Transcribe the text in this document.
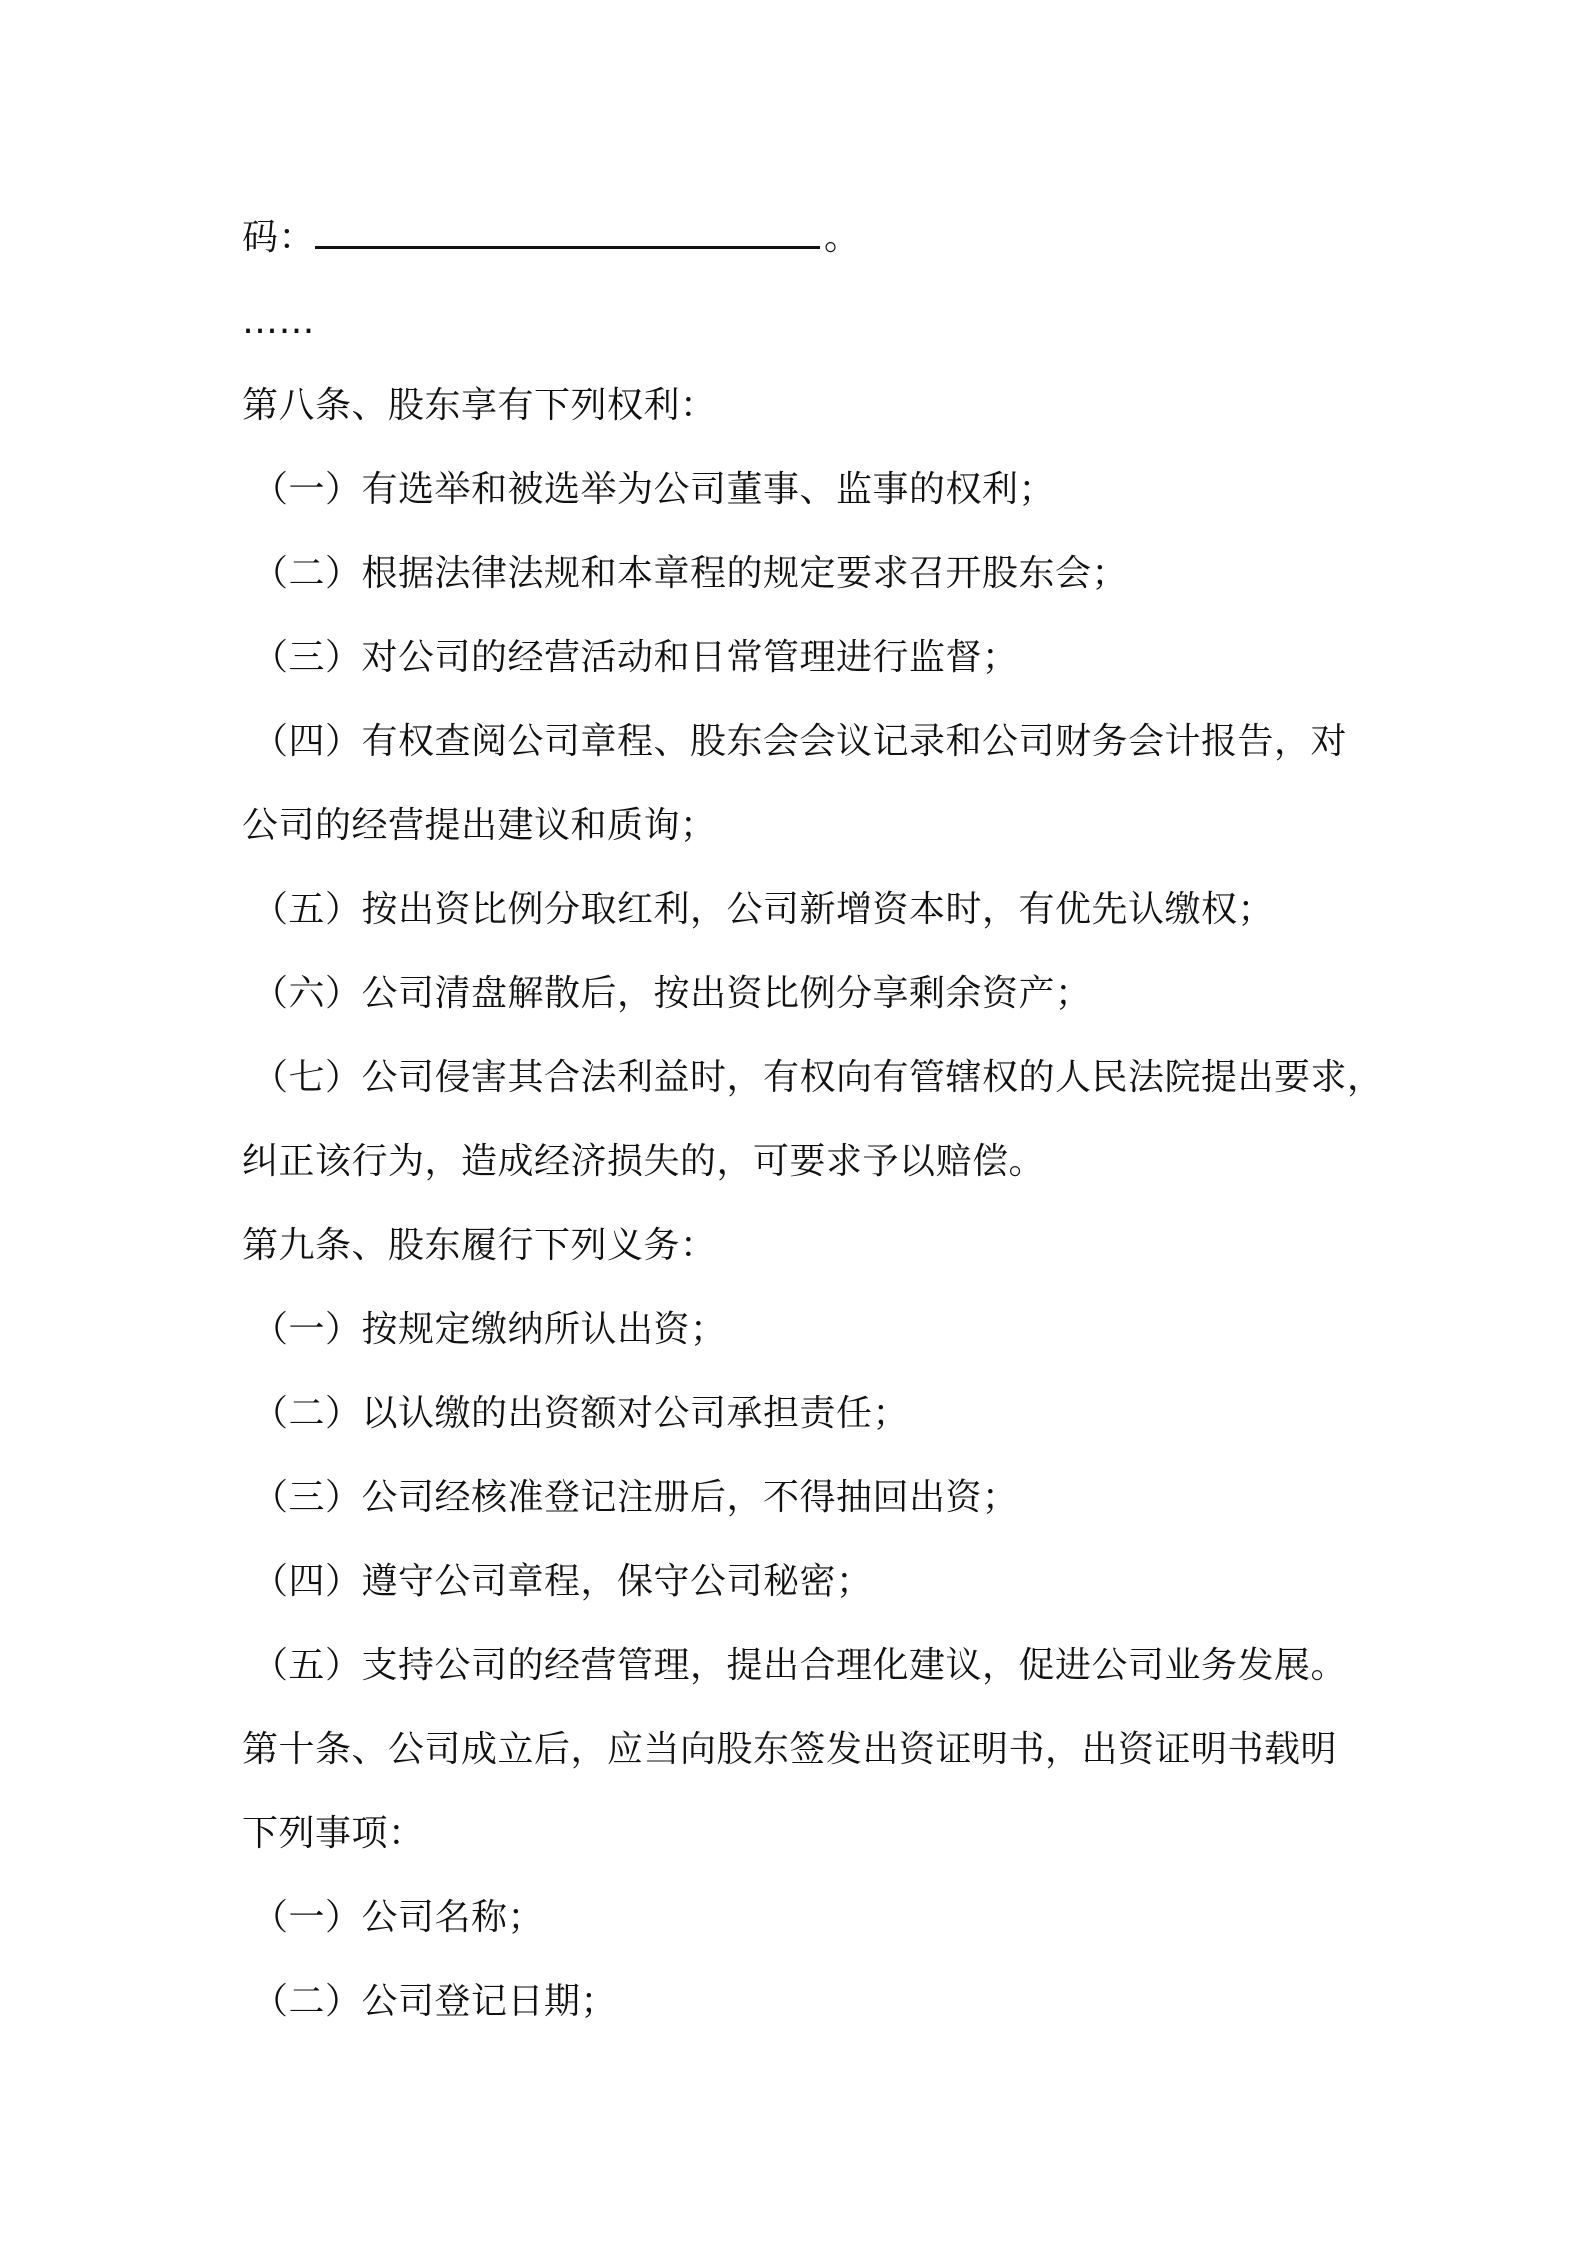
码：	。
……
第八条、股东享有下列权利：
（一）有选举和被选举为公司董事、监事的权利；
（二）根据法律法规和本章程的规定要求召开股东会；
（三）对公司的经营活动和日常管理进行监督；
（四）有权查阅公司章程、股东会会议记录和公司财务会计报告，对
公司的经营提出建议和质询；
（五）按出资比例分取红利，公司新增资本时，有优先认缴权；
（六）公司清盘解散后，按出资比例分享剩余资产；
（七）公司侵害其合法利益时，有权向有管辖权的人民法院提出要求，
纠正该行为，造成经济损失的，可要求予以赔偿。
第九条、股东履行下列义务：
（一）按规定缴纳所认出资；
（二）以认缴的出资额对公司承担责任；
（三）公司经核准登记注册后，不得抽回出资；
（四）遵守公司章程，保守公司秘密；
（五）支持公司的经营管理，提出合理化建议，促进公司业务发展。
第十条、公司成立后，应当向股东签发出资证明书，出资证明书载明
下列事项：
（一）公司名称；
（二）公司登记日期；
